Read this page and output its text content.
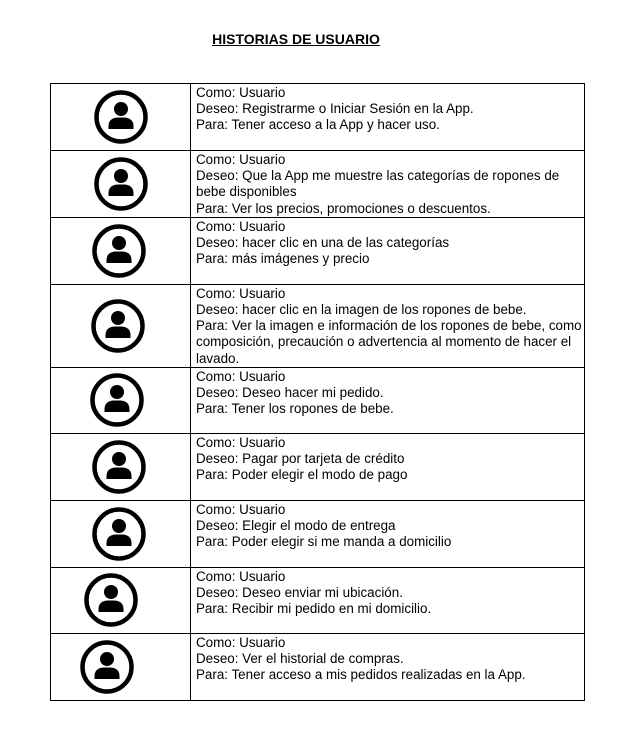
HISTORIAS DE USUARIO

Como: Usuario
Deseo: Registrarme o Iniciar Sesión en la App.
Para: Tener acceso a la App y hacer uso.

Como: Usuario
Deseo: Que la App me muestre las categorías de ropones de bebe disponibles
Para: Ver los precios, promociones o descuentos.

Como: Usuario
Deseo: hacer clic en una de las categorías
Para: más imágenes y precio

Como: Usuario
Deseo: hacer clic en la imagen de los ropones de bebe.
Para: Ver la imagen e información de los ropones de bebe, como composición, precaución o advertencia al momento de hacer el lavado.

Como: Usuario
Deseo: Deseo hacer mi pedido.
Para: Tener los ropones de bebe.

Como: Usuario
Deseo: Pagar por tarjeta de crédito
Para: Poder elegir el modo de pago

Como: Usuario
Deseo: Elegir el modo de entrega
Para: Poder elegir si me manda a domicilio

Como: Usuario
Deseo: Deseo enviar mi ubicación.
Para: Recibir mi pedido en mi domicilio.

Como: Usuario
Deseo: Ver el historial de compras.
Para: Tener acceso a mis pedidos realizadas en la App.
